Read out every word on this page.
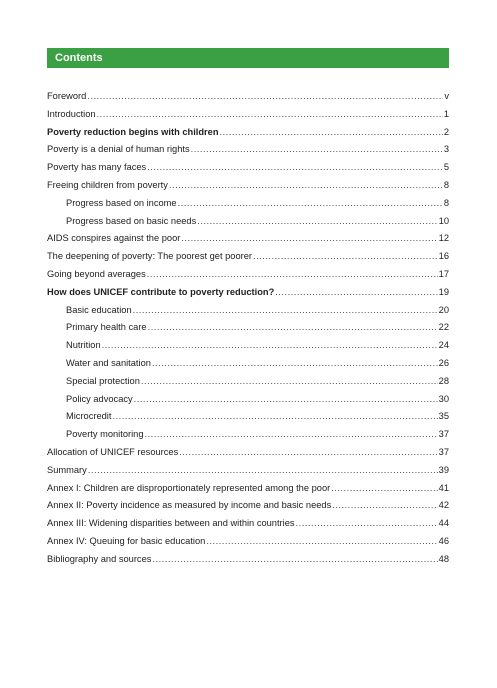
Contents
Foreword .....	v
Introduction .....	1
Poverty reduction begins with children .....	2
Poverty is a denial of human rights .....	3
Poverty has many faces .....	5
Freeing children from poverty .....	8
Progress based on income .....	8
Progress based on basic needs .....	10
AIDS conspires against the poor .....	12
The deepening of poverty: The poorest get poorer .....	16
Going beyond averages .....	17
How does UNICEF contribute to poverty reduction? .....	19
Basic education .....	20
Primary health care .....	22
Nutrition .....	24
Water and sanitation .....	26
Special protection .....	28
Policy advocacy .....	30
Microcredit .....	35
Poverty monitoring .....	37
Allocation of UNICEF resources .....	37
Summary .....	39
Annex I: Children are disproportionately represented among the poor .....	41
Annex II: Poverty incidence as measured by income and basic needs .....	42
Annex III: Widening disparities between and within countries .....	44
Annex IV: Queuing for basic education .....	46
Bibliography and sources .....	48
